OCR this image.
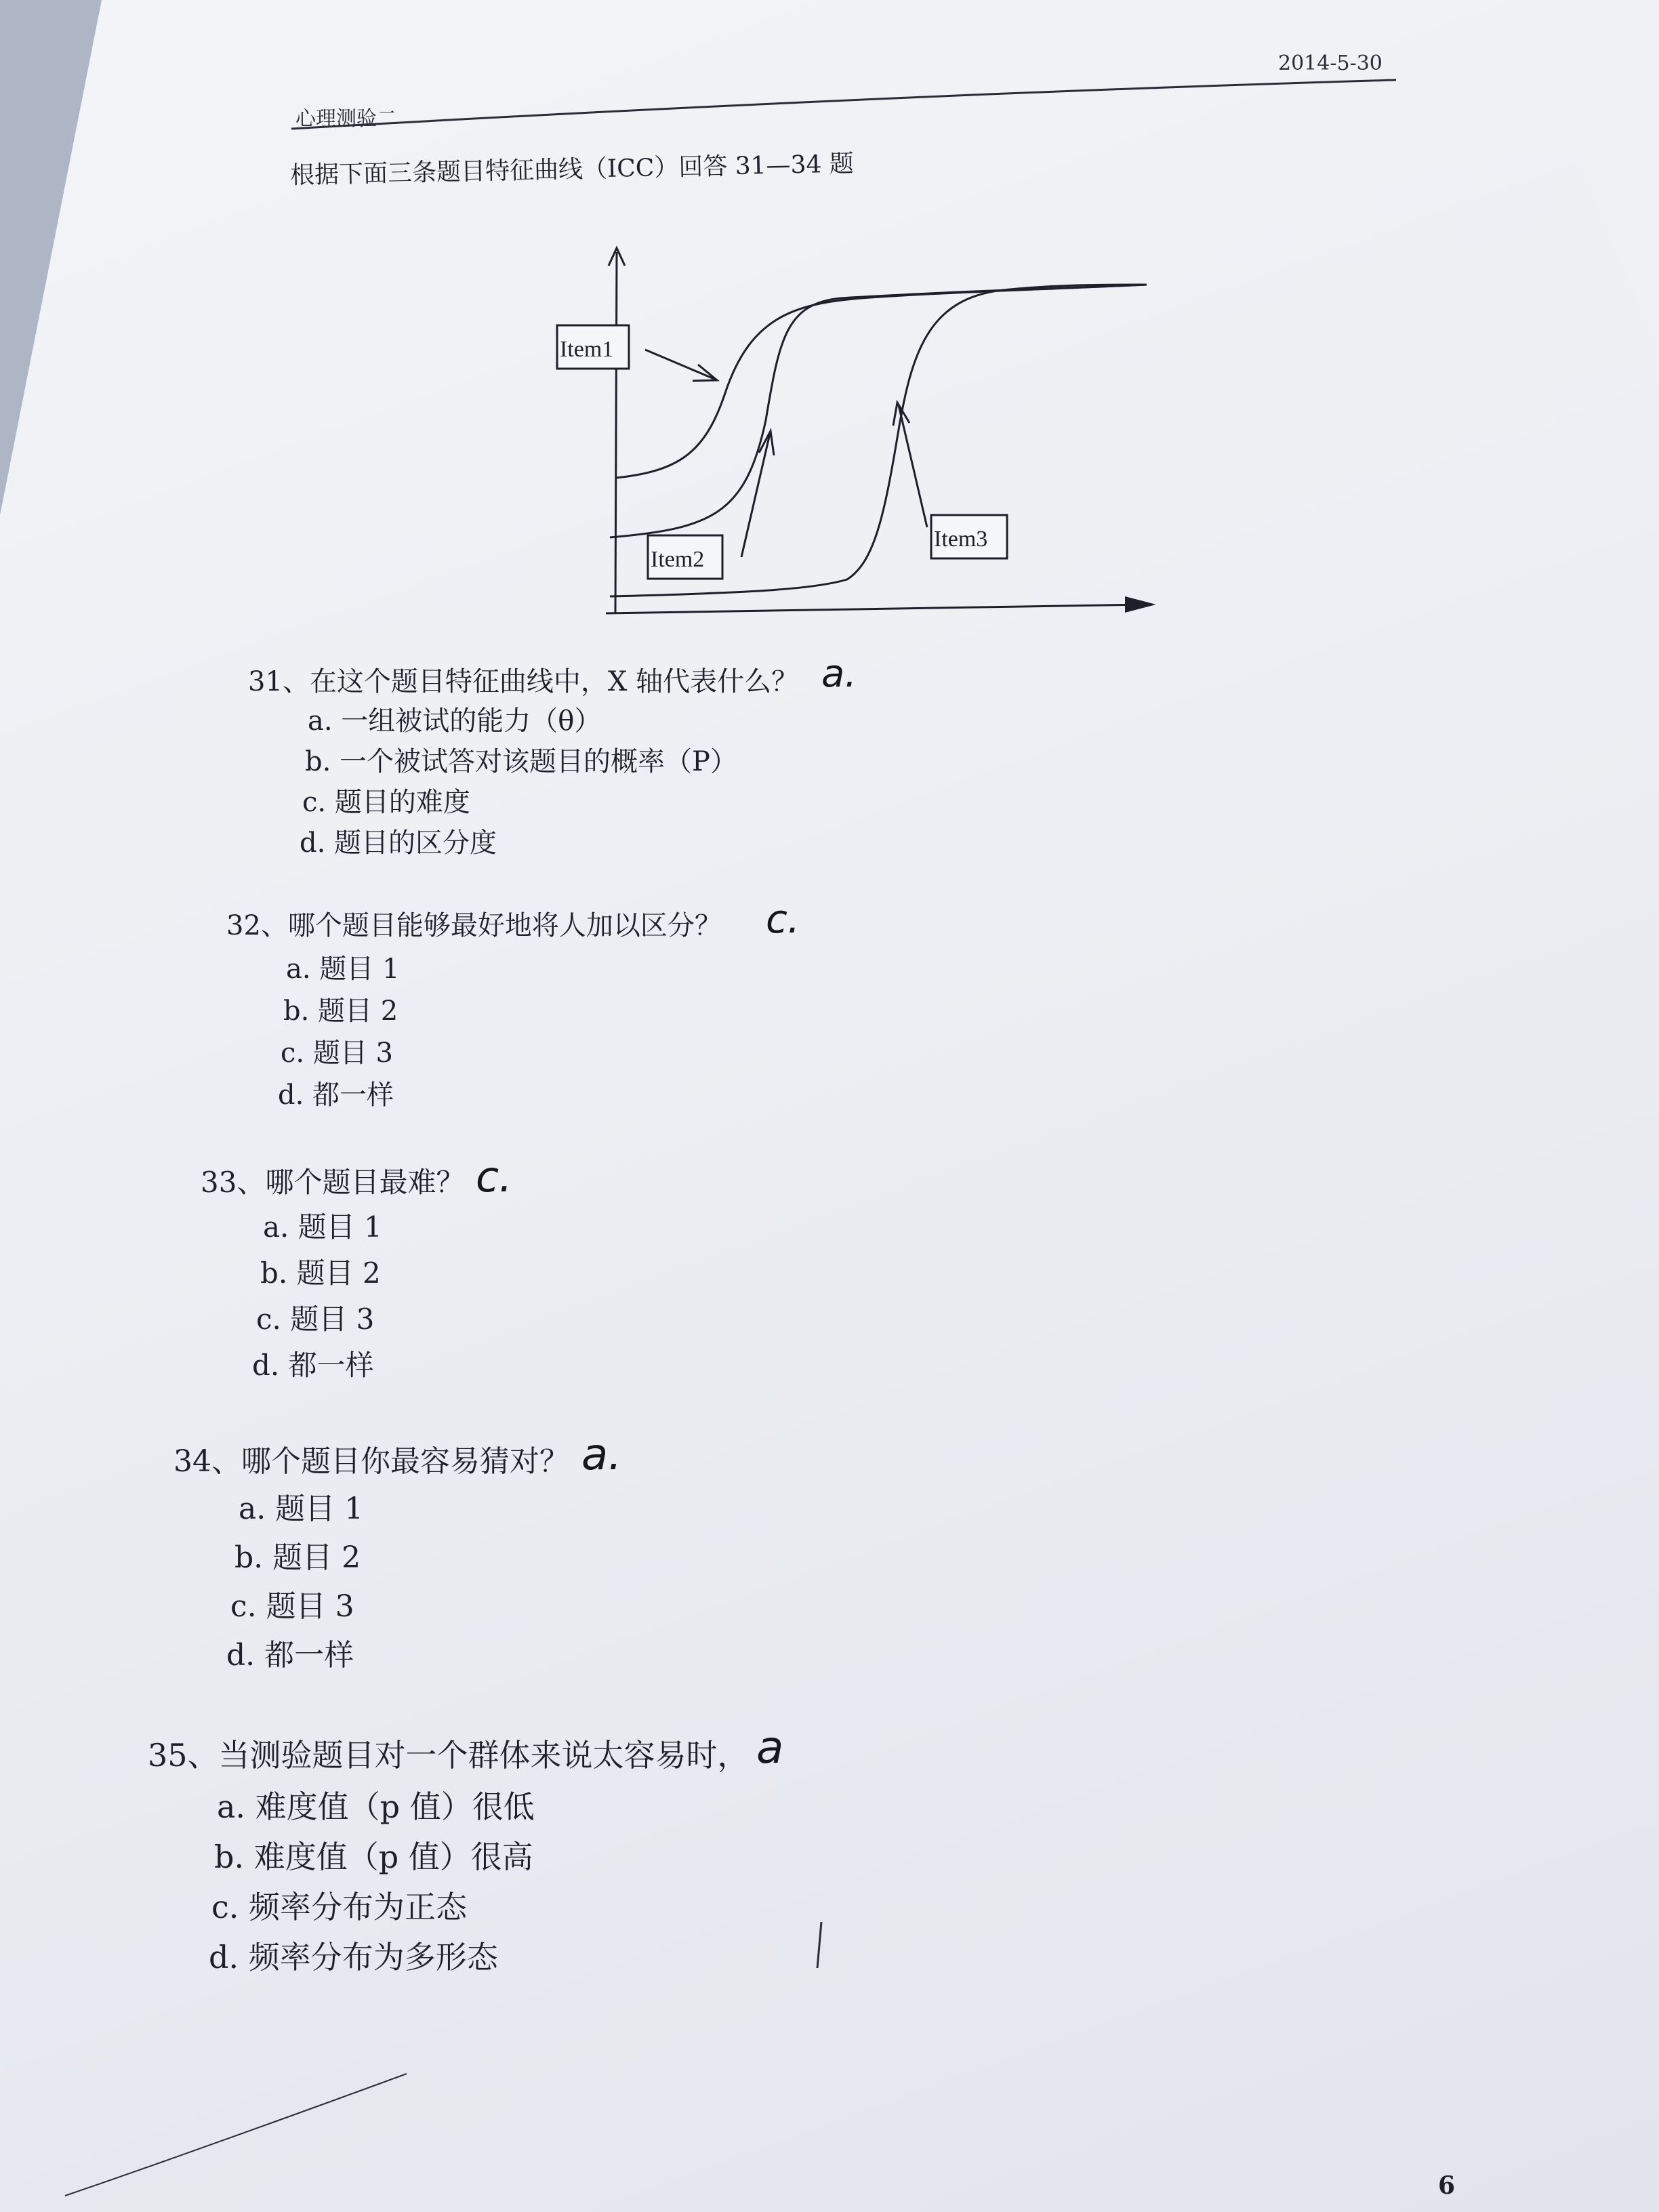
2014-5-30
心理测验二
根据下面三条题目特征曲线（ICC）回答 31—34 题
Item1
Item2
Item3
31、在这个题目特征曲线中，X 轴代表什么？ a.
a. 一组被试的能力（θ）
b. 一个被试答对该题目的概率（P）
c. 题目的难度
d. 题目的区分度
32、哪个题目能够最好地将人加以区分？ c.
a. 题目 1
b. 题目 2
c. 题目 3
d. 都一样
33、哪个题目最难？ c.
a. 题目 1
b. 题目 2
c. 题目 3
d. 都一样
34、哪个题目你最容易猜对？ a.
a. 题目 1
b. 题目 2
c. 题目 3
d. 都一样
35、当测验题目对一个群体来说太容易时， a
a. 难度值（p 值）很低
b. 难度值（p 值）很高
c. 频率分布为正态
d. 频率分布为多形态
6
